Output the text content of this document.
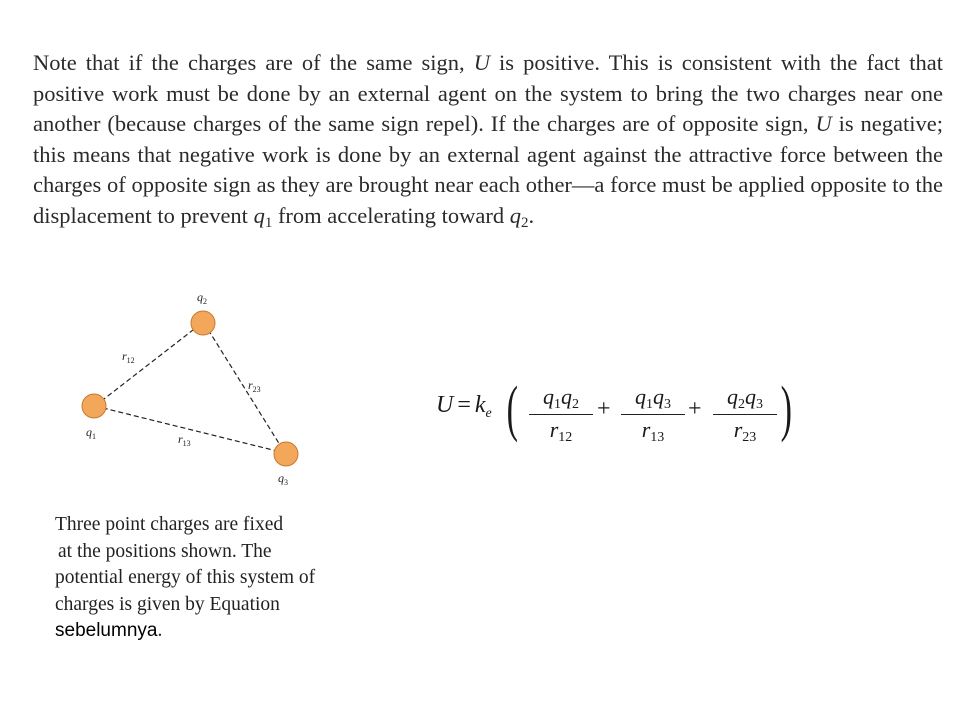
Note that if the charges are of the same sign, U is positive. This is consistent with the fact that positive work must be done by an external agent on the system to bring the two charges near one another (because charges of the same sign repel). If the charges are of opposite sign, U is negative; this means that negative work is done by an external agent against the attractive force between the charges of opposite sign as they are brought near each other—a force must be applied opposite to the displacement to prevent $q_1$ from accelerating toward $q_2$.

$q_2$
$q_1$
$q_3$
$r_{12}$
$r_{23}$
$r_{13}$
$U = k_e$ (	$q_1q_2$
$r_{12}$
+	$q_1q_3$
$r_{13}$
+	$q_2q_3$
$r_{23}$ )

Three point charges are fixed
at the positions shown. The
potential energy of this system of
charges is given by Equation
sebelumnya.
